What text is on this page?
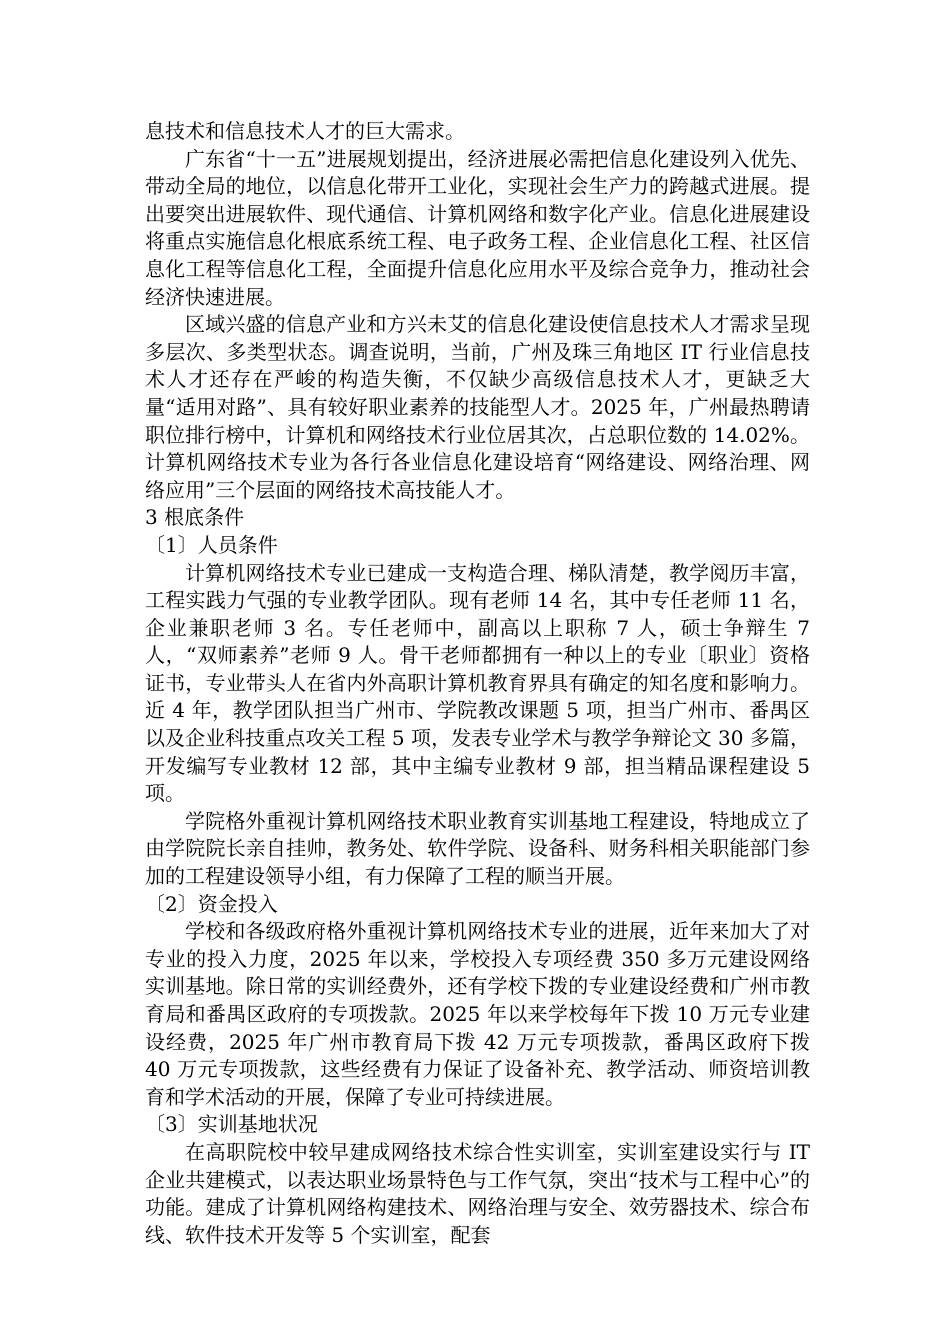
息技术和信息技术人才的巨大需求。

广东省“十一五”进展规划提出，经济进展必需把信息化建设列入优先、带动全局的地位，以信息化带开工业化，实现社会生产力的跨越式进展。提出要突出进展软件、现代通信、计算机网络和数字化产业。信息化进展建设将重点实施信息化根底系统工程、电子政务工程、企业信息化工程、社区信息化工程等信息化工程，全面提升信息化应用水平及综合竞争力，推动社会经济快速进展。

区域兴盛的信息产业和方兴未艾的信息化建设使信息技术人才需求呈现多层次、多类型状态。调查说明，当前，广州及珠三角地区 IT 行业信息技术人才还存在严峻的构造失衡，不仅缺少高级信息技术人才，更缺乏大量“适用对路”、具有较好职业素养的技能型人才。2025 年，广州最热聘请职位排行榜中，计算机和网络技术行业位居其次，占总职位数的 14.02%。计算机网络技术专业为各行各业信息化建设培育“网络建设、网络治理、网络应用”三个层面的网络技术高技能人才。

3 根底条件

〔1〕人员条件

计算机网络技术专业已建成一支构造合理、梯队清楚，教学阅历丰富，工程实践力气强的专业教学团队。现有老师 14 名，其中专任老师 11 名，企业兼职老师 3 名。专任老师中，副高以上职称 7 人，硕士争辩生 7 人，“双师素养”老师 9 人。骨干老师都拥有一种以上的专业〔职业〕资格证书，专业带头人在省内外高职计算机教育界具有确定的知名度和影响力。近 4 年，教学团队担当广州市、学院教改课题 5 项，担当广州市、番禺区以及企业科技重点攻关工程 5 项，发表专业学术与教学争辩论文 30 多篇，开发编写专业教材 12 部，其中主编专业教材 9 部，担当精品课程建设 5 项。

学院格外重视计算机网络技术职业教育实训基地工程建设，特地成立了由学院院长亲自挂帅，教务处、软件学院、设备科、财务科相关职能部门参加的工程建设领导小组，有力保障了工程的顺当开展。

〔2〕资金投入

学校和各级政府格外重视计算机网络技术专业的进展，近年来加大了对专业的投入力度，2025 年以来，学校投入专项经费 350 多万元建设网络实训基地。除日常的实训经费外，还有学校下拨的专业建设经费和广州市教育局和番禺区政府的专项拨款。2025 年以来学校每年下拨 10 万元专业建设经费，2025 年广州市教育局下拨 42 万元专项拨款，番禺区政府下拨 40 万元专项拨款，这些经费有力保证了设备补充、教学活动、师资培训教育和学术活动的开展，保障了专业可持续进展。

〔3〕实训基地状况

在高职院校中较早建成网络技术综合性实训室，实训室建设实行与 IT 企业共建模式，以表达职业场景特色与工作气氛，突出“技术与工程中心”的功能。建成了计算机网络构建技术、网络治理与安全、效劳器技术、综合布线、软件技术开发等 5 个实训室，配套
